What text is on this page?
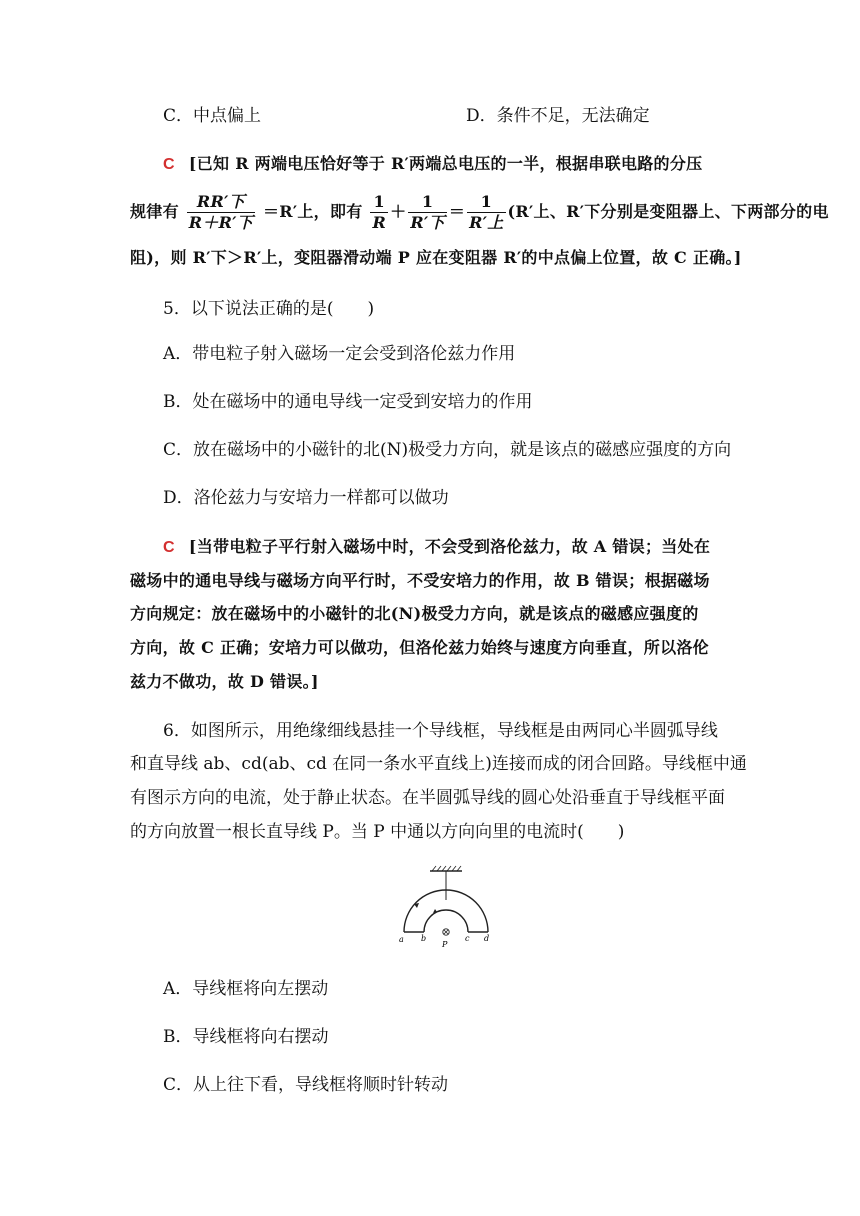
C．中点偏上	D．条件不足，无法确定
C [已知 R 两端电压恰好等于 R′两端总电压的一半，根据串联电路的分压
规律有 $\frac{\text{RR′下}}{\text{R＋R′下}} =R'$上，即有 $\frac{1}{R} + \frac{1}{\text{R′下}} = \frac{1}{\text{R′上}} (R'$上、R′下分别是变阻器上、下两部分的电
阻)，则 R′下＞R′上，变阻器滑动端 P 应在变阻器 R′的中点偏上位置，故 C 正确。]
5．以下说法正确的是(　　)
A．带电粒子射入磁场一定会受到洛伦兹力作用
B．处在磁场中的通电导线一定受到安培力的作用
C．放在磁场中的小磁针的北(N)极受力方向，就是该点的磁感应强度的方向
D．洛伦兹力与安培力一样都可以做功
C [当带电粒子平行射入磁场中时，不会受到洛伦兹力，故 A 错误；当处在
磁场中的通电导线与磁场方向平行时，不受安培力的作用，故 B 错误；根据磁场
方向规定：放在磁场中的小磁针的北(N)极受力方向，就是该点的磁感应强度的
方向，故 C 正确；安培力可以做功，但洛伦兹力始终与速度方向垂直，所以洛伦
兹力不做功，故 D 错误。]
6．如图所示，用绝缘细线悬挂一个导线框，导线框是由两同心半圆弧导线
和直导线 ab、cd(ab、cd 在同一条水平直线上)连接而成的闭合回路。导线框中通
有图示方向的电流，处于静止状态。在半圆弧导线的圆心处沿垂直于导线框平面
的方向放置一根长直导线 P。当 P 中通以方向向里的电流时(　　)
a b	c d
P
A．导线框将向左摆动
B．导线框将向右摆动
C．从上往下看，导线框将顺时针转动
